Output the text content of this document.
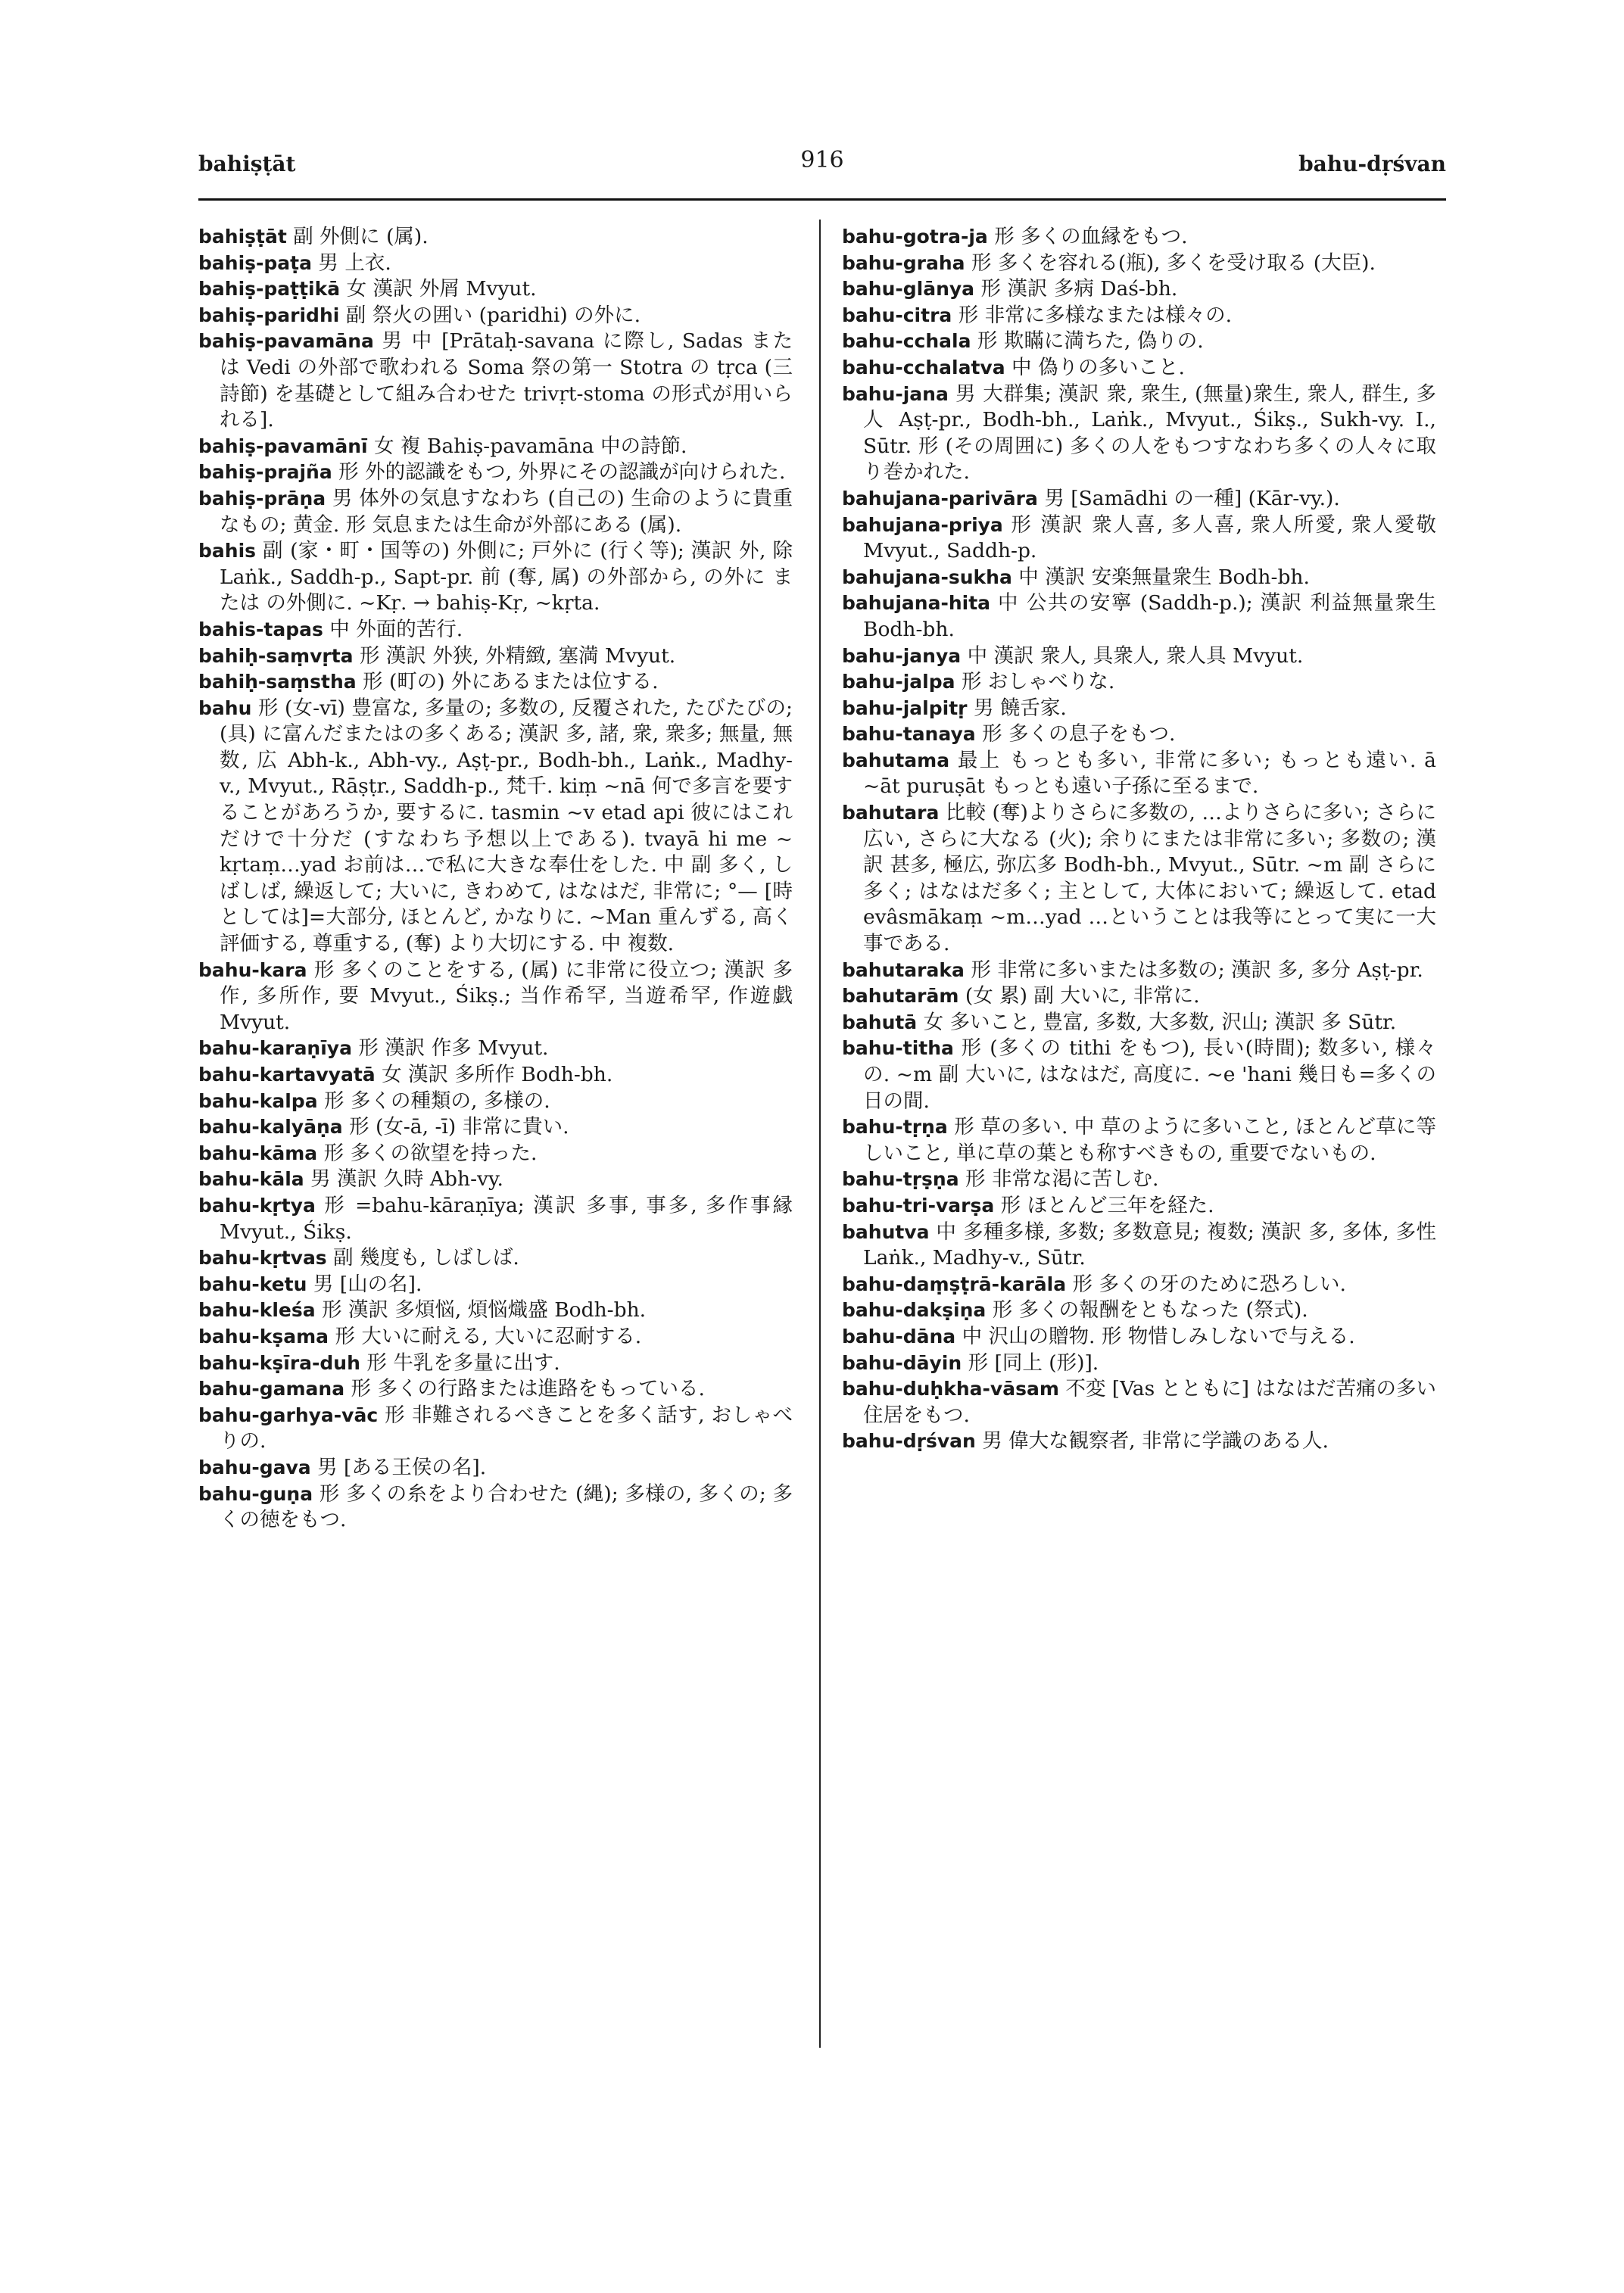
bahiṣṭāt	916	bahu-dṛśvan

bahiṣṭāt 副 外側に (属).

bahiṣ-paṭa 男 上衣.

bahiṣ-paṭṭikā 女 漢訳 外屑 Mvyut.

bahiṣ-paridhi 副 祭火の囲い (paridhi) の外に.

bahiṣ-pavamāna 男 中 [Prātaḥ-savana に際し, Sadas または Vedi の外部で歌われる Soma 祭の第一 Stotra の tṛca (三詩節) を基礎として組み合わせた trivṛt-stoma の形式が用いられる].

bahiṣ-pavamānī 女 複 Bahiṣ-pavamāna 中の詩節.

bahiṣ-prajña 形 外的認識をもつ, 外界にその認識が向けられた.

bahiṣ-prāṇa 男 体外の気息すなわち (自己の) 生命のように貴重なもの; 黄金. 形 気息または生命が外部にある (属).

bahis 副 (家・町・国等の) 外側に; 戸外に (行く等); 漢訳 外, 除 Laṅk., Saddh-p., Sapt-pr. 前 (奪, 属) の外部から, の外に または の外側に. ~Kṛ. → bahiṣ-Kṛ, ~kṛta.

bahis-tapas 中 外面的苦行.

bahiḥ-saṃvṛta 形 漢訳 外狭, 外精緻, 塞満 Mvyut.

bahiḥ-saṃstha 形 (町の) 外にあるまたは位する.

bahu 形 (女-vī) 豊富な, 多量の; 多数の, 反覆された, たびたびの; (具) に富んだまたはの多くある; 漢訳 多, 諸, 衆, 衆多; 無量, 無数, 広 Abh-k., Abh-vy., Aṣṭ-pr., Bodh-bh., Laṅk., Madhy-v., Mvyut., Rāṣṭr., Saddh-p., 梵千. kiṃ ~nā 何で多言を要することがあろうか, 要するに. tasmin ~v etad api 彼にはこれだけで十分だ (すなわち予想以上である). tvayā hi me ~ kṛtaṃ…yad お前は…で私に大きな奉仕をした. 中 副 多く, しばしば, 繰返して; 大いに, きわめて, はなはだ, 非常に; °— [時としては]=大部分, ほとんど, かなりに. ~Man 重んずる, 高く評価する, 尊重する, (奪) より大切にする. 中 複数.

bahu-kara 形 多くのことをする, (属) に非常に役立つ; 漢訳 多作, 多所作, 要 Mvyut., Śikṣ.; 当作希罕, 当遊希罕, 作遊戯 Mvyut.

bahu-karaṇīya 形 漢訳 作多 Mvyut.

bahu-kartavyatā 女 漢訳 多所作 Bodh-bh.

bahu-kalpa 形 多くの種類の, 多様の.

bahu-kalyāṇa 形 (女-ā, -ī) 非常に貴い.

bahu-kāma 形 多くの欲望を持った.

bahu-kāla 男 漢訳 久時 Abh-vy.

bahu-kṛtya 形 =bahu-kāraṇīya; 漢訳 多事, 事多, 多作事縁 Mvyut., Śikṣ.

bahu-kṛtvas 副 幾度も, しばしば.

bahu-ketu 男 [山の名].

bahu-kleśa 形 漢訳 多煩悩, 煩悩熾盛 Bodh-bh.

bahu-kṣama 形 大いに耐える, 大いに忍耐する.

bahu-kṣīra-duh 形 牛乳を多量に出す.

bahu-gamana 形 多くの行路または進路をもっている.

bahu-garhya-vāc 形 非難されるべきことを多く話す, おしゃべりの.

bahu-gava 男 [ある王侯の名].

bahu-guṇa 形 多くの糸をより合わせた (縄); 多様の, 多くの; 多くの徳をもつ.

bahu-gotra-ja 形 多くの血縁をもつ.

bahu-graha 形 多くを容れる(瓶), 多くを受け取る (大臣).

bahu-glānya 形 漢訳 多病 Daś-bh.

bahu-citra 形 非常に多様なまたは様々の.

bahu-cchala 形 欺瞞に満ちた, 偽りの.

bahu-cchalatva 中 偽りの多いこと.

bahu-jana 男 大群集; 漢訳 衆, 衆生, (無量)衆生, 衆人, 群生, 多人 Aṣṭ-pr., Bodh-bh., Laṅk., Mvyut., Śikṣ., Sukh-vy. I., Sūtr. 形 (その周囲に) 多くの人をもつすなわち多くの人々に取り巻かれた.

bahujana-parivāra 男 [Samādhi の一種] (Kār-vy.).

bahujana-priya 形 漢訳 衆人喜, 多人喜, 衆人所愛, 衆人愛敬 Mvyut., Saddh-p.

bahujana-sukha 中 漢訳 安楽無量衆生 Bodh-bh.

bahujana-hita 中 公共の安寧 (Saddh-p.); 漢訳 利益無量衆生 Bodh-bh.

bahu-janya 中 漢訳 衆人, 具衆人, 衆人具 Mvyut.

bahu-jalpa 形 おしゃべりな.

bahu-jalpitṛ 男 饒舌家.

bahu-tanaya 形 多くの息子をもつ.

bahutama 最上 もっとも多い, 非常に多い; もっとも遠い. ā ~āt puruṣāt もっとも遠い子孫に至るまで.

bahutara 比較 (奪)よりさらに多数の, …よりさらに多い; さらに広い, さらに大なる (火); 余りにまたは非常に多い; 多数の; 漢訳 甚多, 極広, 弥広多 Bodh-bh., Mvyut., Sūtr. ~m 副 さらに多く; はなはだ多く; 主として, 大体において; 繰返して. etad evâsmākaṃ ~m…yad …ということは我等にとって実に一大事である.

bahutaraka 形 非常に多いまたは多数の; 漢訳 多, 多分 Aṣṭ-pr.

bahutarām (女 累) 副 大いに, 非常に.

bahutā 女 多いこと, 豊富, 多数, 大多数, 沢山; 漢訳 多 Sūtr.

bahu-titha 形 (多くの tithi をもつ), 長い(時間); 数多い, 様々の. ~m 副 大いに, はなはだ, 高度に. ~e 'hani 幾日も=多くの日の間.

bahu-tṛṇa 形 草の多い. 中 草のように多いこと, ほとんど草に等しいこと, 単に草の葉とも称すべきもの, 重要でないもの.

bahu-tṛṣṇa 形 非常な渇に苦しむ.

bahu-tri-varṣa 形 ほとんど三年を経た.

bahutva 中 多種多様, 多数; 多数意見; 複数; 漢訳 多, 多体, 多性 Laṅk., Madhy-v., Sūtr.

bahu-daṃṣṭrā-karāla 形 多くの牙のために恐ろしい.

bahu-dakṣiṇa 形 多くの報酬をともなった (祭式).

bahu-dāna 中 沢山の贈物. 形 物惜しみしないで与える.

bahu-dāyin 形 [同上 (形)].

bahu-duḥkha-vāsam 不変 [Vas とともに] はなはだ苦痛の多い住居をもつ.

bahu-dṛśvan 男 偉大な観察者, 非常に学識のある人.
